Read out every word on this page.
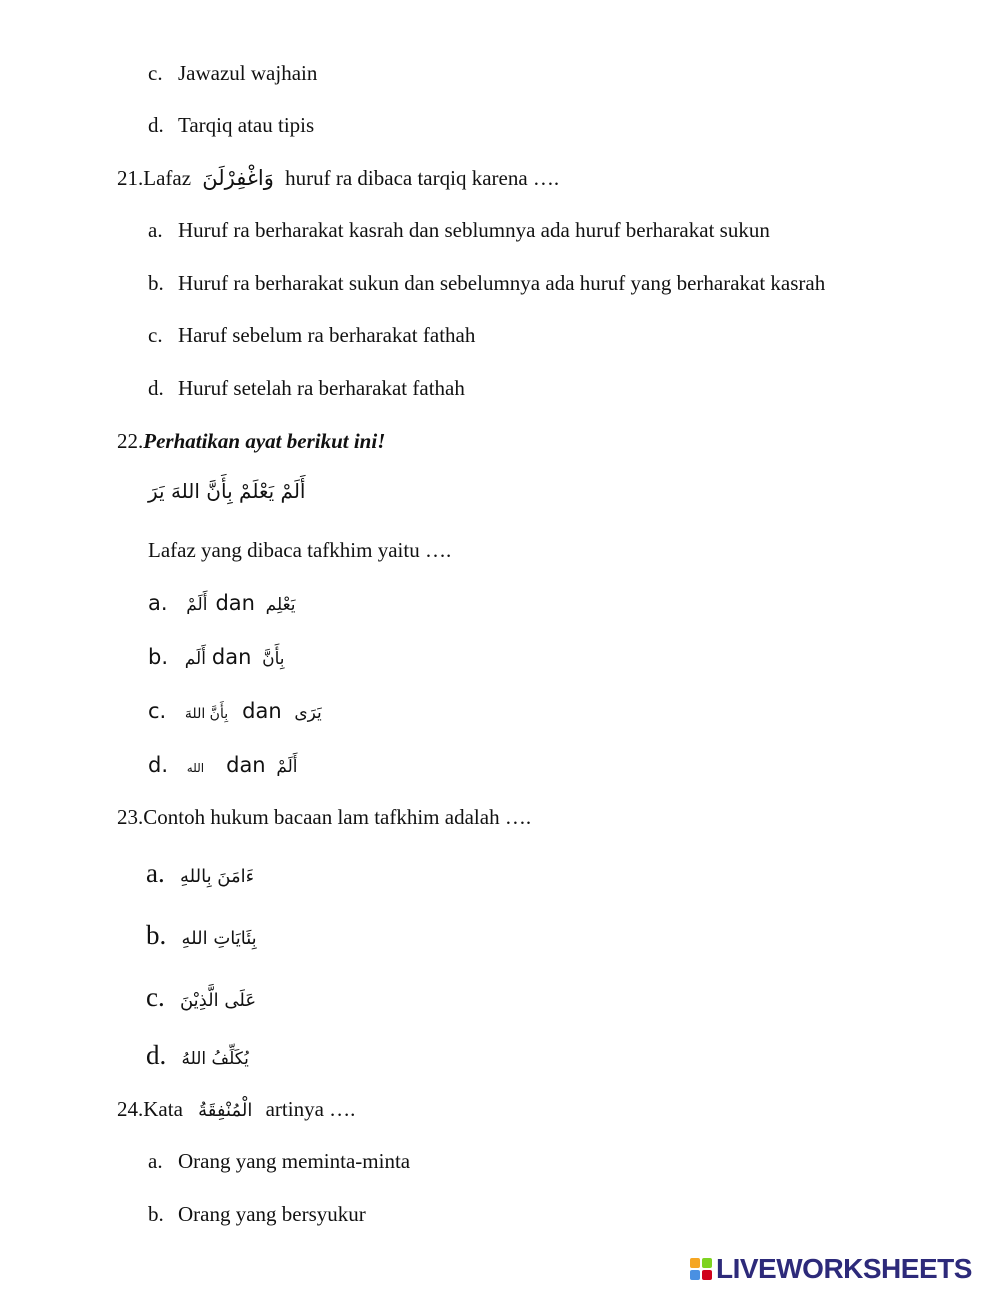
c. Jawazul wajhain
d. Tarqiq atau tipis
21.Lafaz وَاغْفِرْلَنَ huruf ra dibaca tarqiq karena ….
a. Huruf ra berharakat kasrah dan seblumnya ada huruf berharakat sukun
b. Huruf ra berharakat sukun dan sebelumnya ada huruf yang berharakat kasrah
c. Haruf sebelum ra berharakat fathah
d. Huruf setelah ra berharakat fathah
22.Perhatikan ayat berikut ini!
أَلَمْ يَعْلَمْ بِأَنَّ اللهَ يَرَ
Lafaz yang dibaca tafkhim yaitu ….
a. أَلَمْ dan يَعْلِم
b. أَلَم dan بِأَنَّ
c. بِأَنَّ اللهَ dan يَرَى
d. الله dan أَلَمْ
23.Contoh hukum bacaan lam tafkhim adalah ….
a. ءَامَنَ بِاللهِ
b. بِئَايَاتِ اللهِ
c. عَلَى الَّذِيْنَ
d. يُكَلِّفُ اللهُ
24.Kata الْمُنْفِقَةُ artinya ….
a. Orang yang meminta-minta
b. Orang yang bersyukur
LIVEWORKSHEETS
